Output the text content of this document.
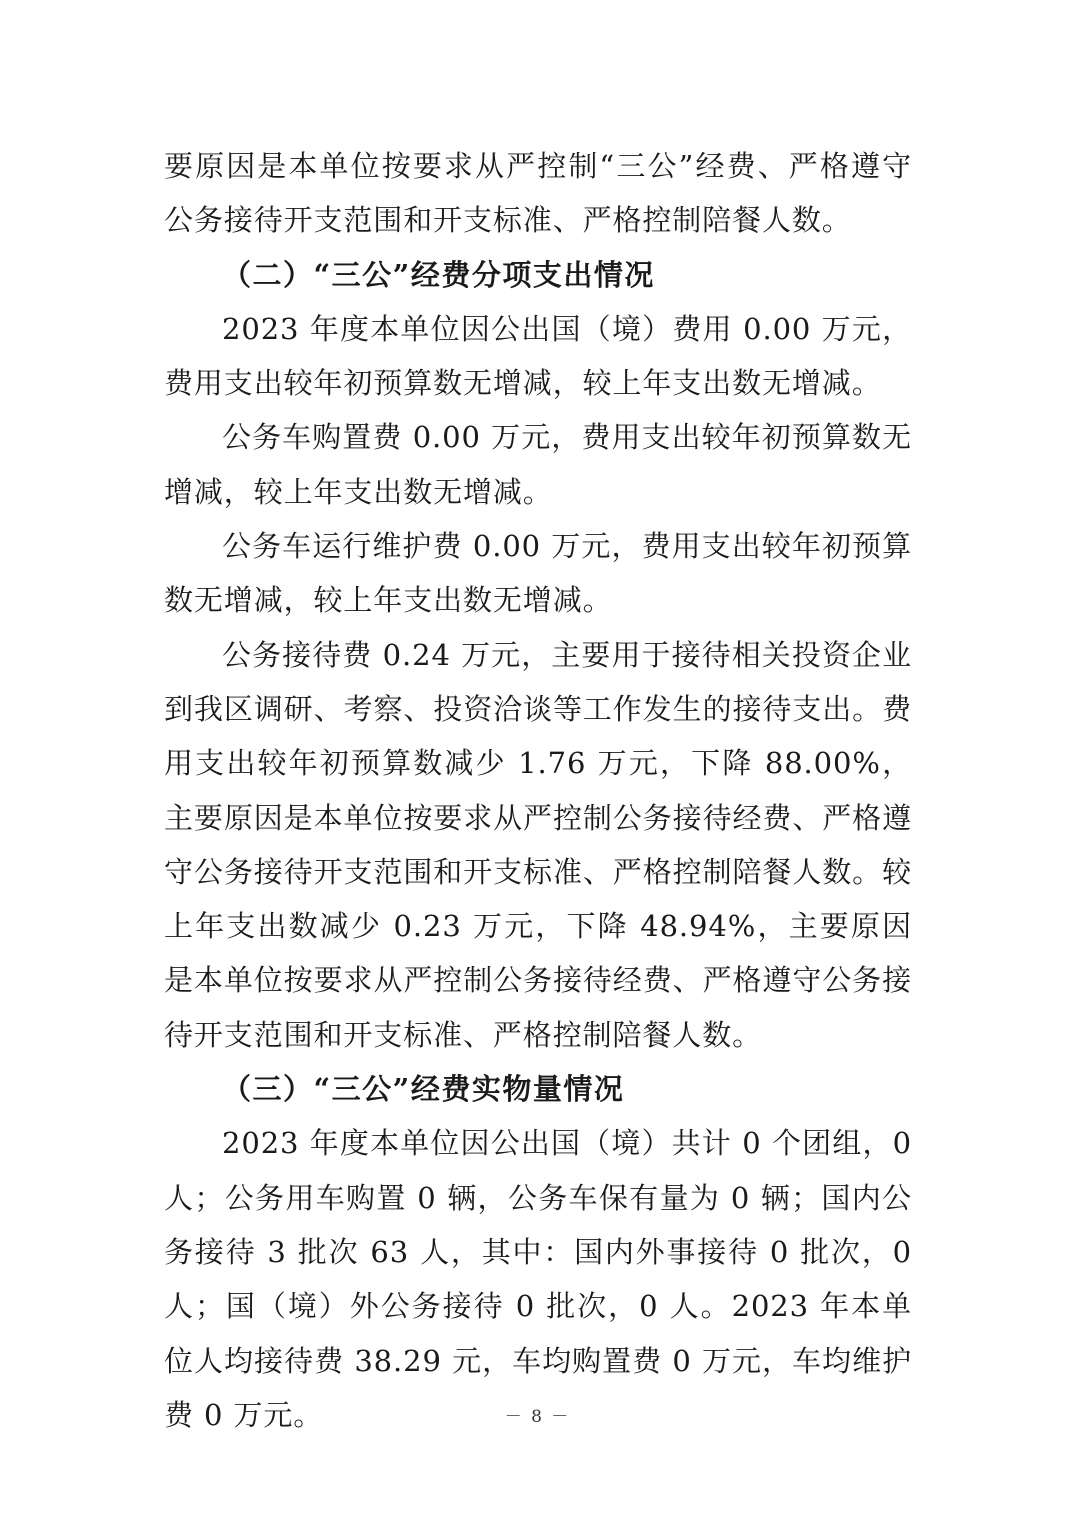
要原因是本单位按要求从严控制“三公”经费、严格遵守公务接待开支范围和开支标准、严格控制陪餐人数。

（二）“三公”经费分项支出情况

2023 年度本单位因公出国（境）费用 0.00 万元，费用支出较年初预算数无增减，较上年支出数无增减。

公务车购置费 0.00 万元，费用支出较年初预算数无增减，较上年支出数无增减。

公务车运行维护费 0.00 万元，费用支出较年初预算数无增减，较上年支出数无增减。

公务接待费 0.24 万元，主要用于接待相关投资企业到我区调研、考察、投资洽谈等工作发生的接待支出。费用支出较年初预算数减少 1.76 万元，下降 88.00%，主要原因是本单位按要求从严控制公务接待经费、严格遵守公务接待开支范围和开支标准、严格控制陪餐人数。较上年支出数减少 0.23 万元，下降 48.94%，主要原因是本单位按要求从严控制公务接待经费、严格遵守公务接待开支范围和开支标准、严格控制陪餐人数。

（三）“三公”经费实物量情况

2023 年度本单位因公出国（境）共计 0 个团组，0 人；公务用车购置 0 辆，公务车保有量为 0 辆；国内公务接待 3 批次 63 人，其中：国内外事接待 0 批次，0 人；国（境）外公务接待 0 批次，0 人。2023 年本单位人均接待费 38.29 元，车均购置费 0 万元，车均维护费 0 万元。	－ 8 －
